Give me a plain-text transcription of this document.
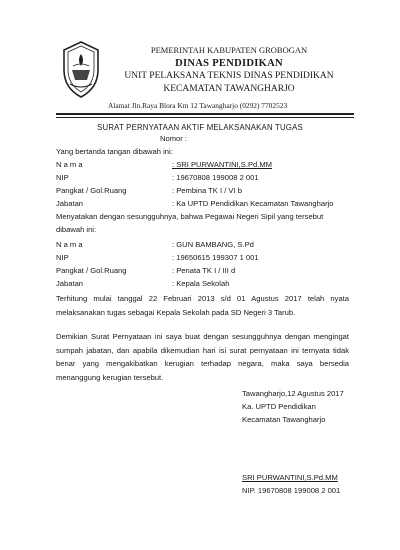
PEMERINTAH KABUPATEN GROBOGAN
DINAS PENDIDIKAN
UNIT PELAKSANA TEKNIS DINAS PENDIDIKAN
KECAMATAN TAWANGHARJO
Alamat Jln.Raya Blora Km 12 Tawangharjo (0292) 7702523
SURAT PERNYATAAN AKTIF MELAKSANAKAN TUGAS
Nomor :
Yang bertanda tangan dibawah ini:
N a m a	: SRI PURWANTINI,S.Pd.MM
NIP	: 19670808 199008 2 001
Pangkat / Gol.Ruang	: Pembina TK I / VI b
Jabatan	: Ka UPTD Pendidikan Kecamatan Tawangharjo
Menyatakan dengan sesungguhnya, bahwa Pegawai Negeri Sipil yang tersebut
dibawah ini:
N a m a	: GUN BAMBANG, S.Pd
NIP	: 19650615 199307 1 001
Pangkat / Gol.Ruang	: Penata TK I / III d
Jabatan	: Kepala Sekolah
Terhitung mulai tanggal 22 Februari 2013 s/d 01 Agustus 2017 telah nyata
melaksanakan tugas sebagai Kepala Sekolah pada SD Negeri 3 Tarub.
Demikian Surat Pernyataan ini saya buat dengan sesungguhnya dengan mengingat
sumpah jabatan, dan apabila dikemudian hari isi surat pernyataan ini ternyata tidak
benar yang mengakibatkan kerugian terhadap negara, maka saya bersedia
menanggung kerugian tersebut.
Tawangharjo,12 Agustus 2017
Ka. UPTD Pendidikan
Kecamatan Tawangharjo
SRI PURWANTINI,S.Pd.MM
NIP. 19670808 199008 2 001
